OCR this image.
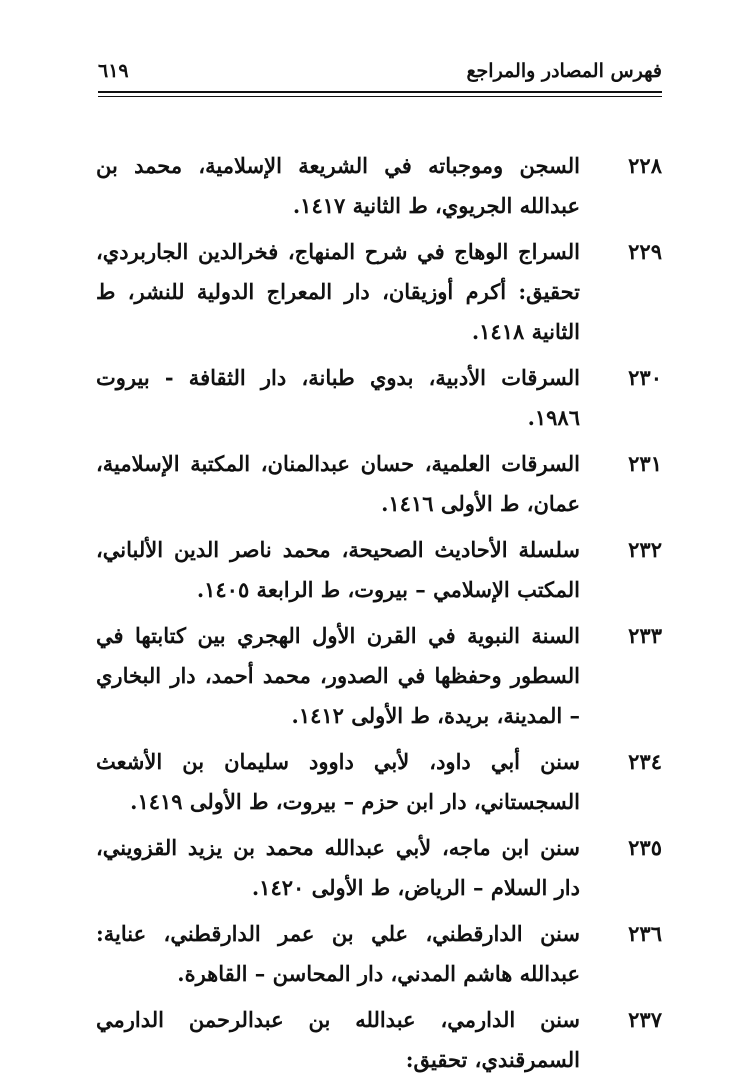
فهرس المصادر والمراجع
٦١٩
٢٢٨
السجن وموجباته في الشريعة الإسلامية، محمد بن عبدالله الجريوي، ط الثانية ١٤١٧.
٢٢٩
السراج الوهاج في شرح المنهاج، فخرالدين الجاربردي، تحقيق: أكرم أوزيقان، دار المعراج الدولية للنشر، ط الثانية ١٤١٨.
٢٣٠
السرقات الأدبية، بدوي طبانة، دار الثقافة - بيروت ١٩٨٦.
٢٣١
السرقات العلمية، حسان عبدالمنان، المكتبة الإسلامية، عمان، ط الأولى ١٤١٦.
٢٣٢
سلسلة الأحاديث الصحيحة، محمد ناصر الدين الألباني، المكتب الإسلامي – بيروت، ط الرابعة ١٤٠٥.
٢٣٣
السنة النبوية في القرن الأول الهجري بين كتابتها في السطور وحفظها في الصدور، محمد أحمد، دار البخاري – المدينة، بريدة، ط الأولى ١٤١٢.
٢٣٤
سنن أبي داود، لأبي داوود سليمان بن الأشعث السجستاني، دار ابن حزم – بيروت، ط الأولى ١٤١٩.
٢٣٥
سنن ابن ماجه، لأبي عبدالله محمد بن يزيد القزويني، دار السلام – الرياض، ط الأولى ١٤٢٠.
٢٣٦
سنن الدارقطني، علي بن عمر الدارقطني، عناية: عبدالله هاشم المدني، دار المحاسن – القاهرة.
٢٣٧
سنن الدارمي، عبدالله بن عبدالرحمن الدارمي السمرقندي، تحقيق:
